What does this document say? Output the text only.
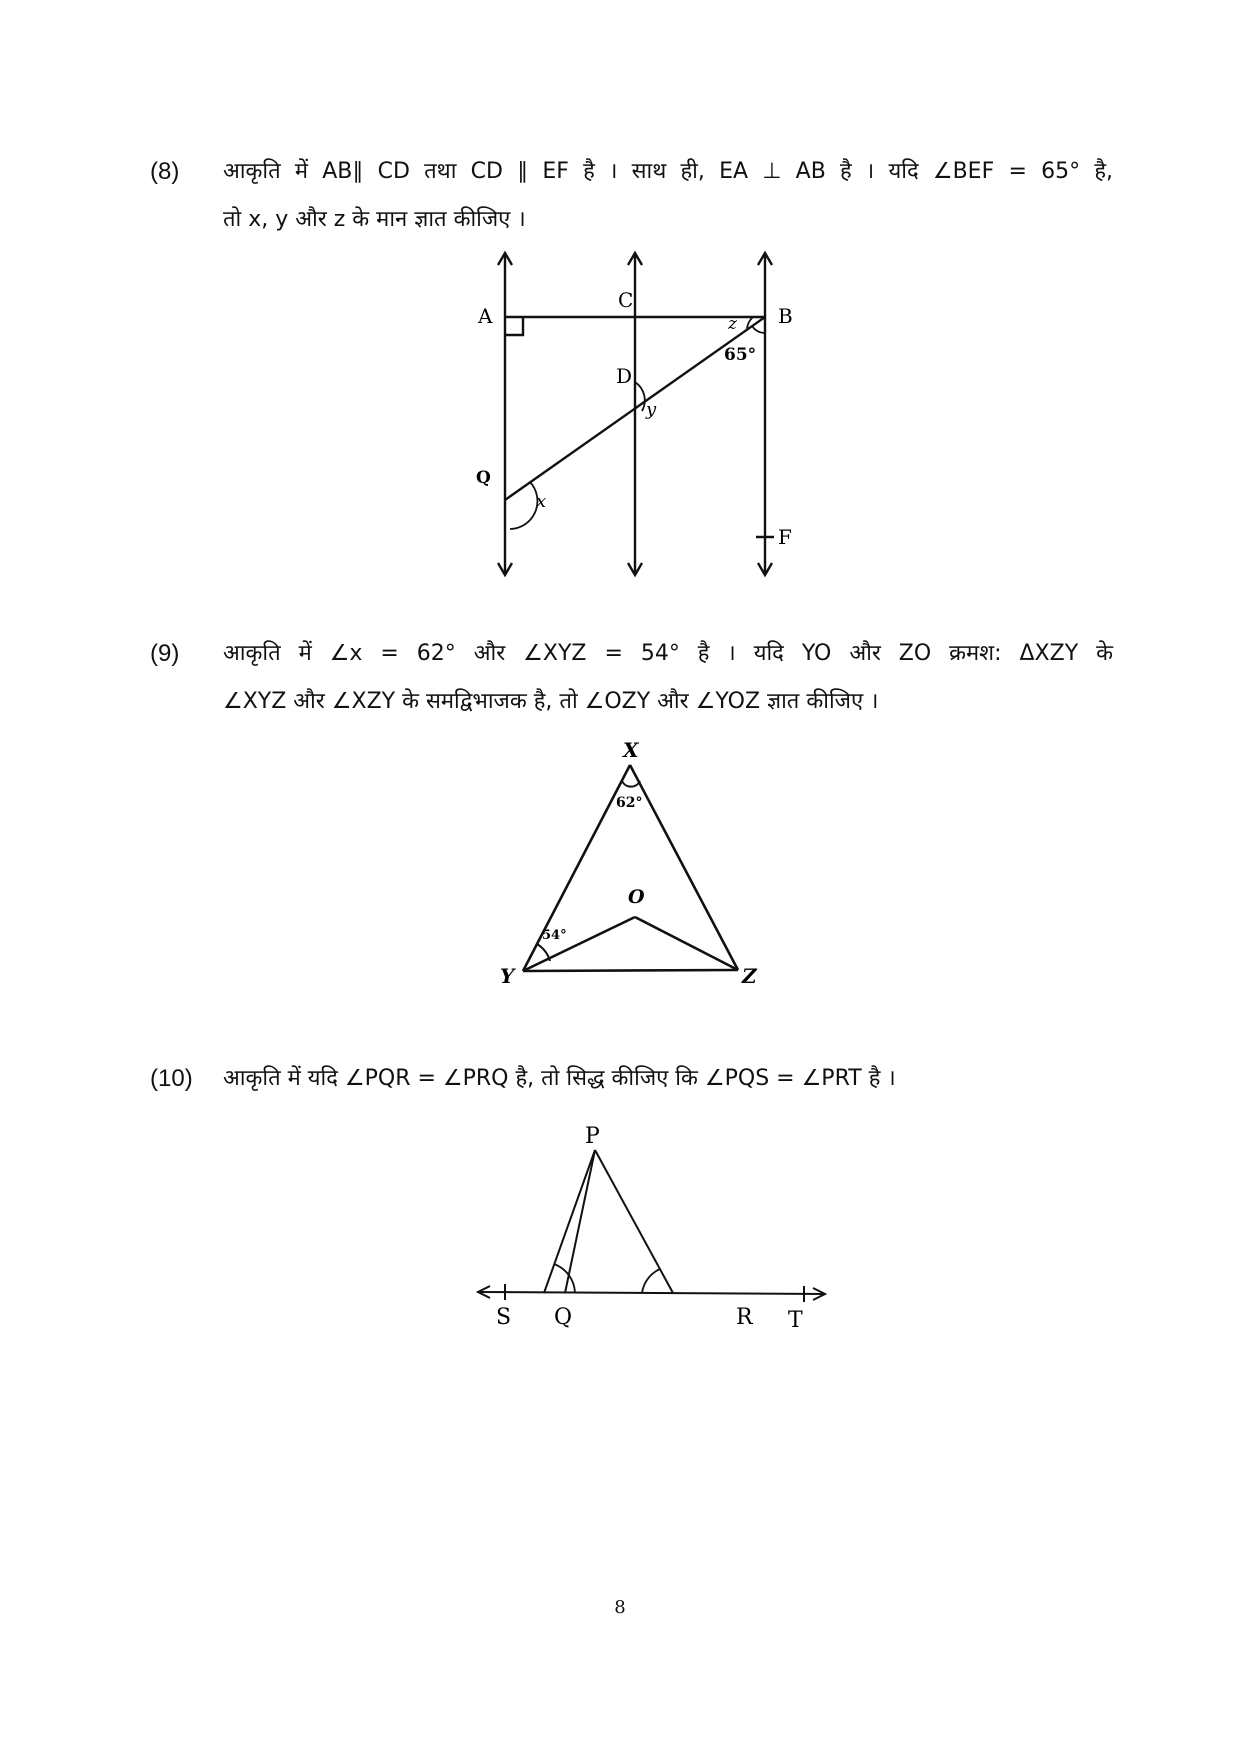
(8) आकृति में AB∥ CD तथा CD ∥ EF है । साथ ही, EA ⊥ AB है । यदि ∠BEF = 65° है,
तो x, y और z के मान ज्ञात कीजिए ।
A
C
B
z
65°
D
y
Q
x
F
(9) आकृति में ∠x = 62° और ∠XYZ = 54° है । यदि YO और ZO क्रमश: ΔXZY के
∠XYZ और ∠XZY के समद्विभाजक है, तो ∠OZY और ∠YOZ ज्ञात कीजिए ।
X
62°
O
54°
Y	Z
(10) आकृति में यदि ∠PQR = ∠PRQ है, तो सिद्ध कीजिए कि ∠PQS = ∠PRT है ।
P
S Q	R T
8
